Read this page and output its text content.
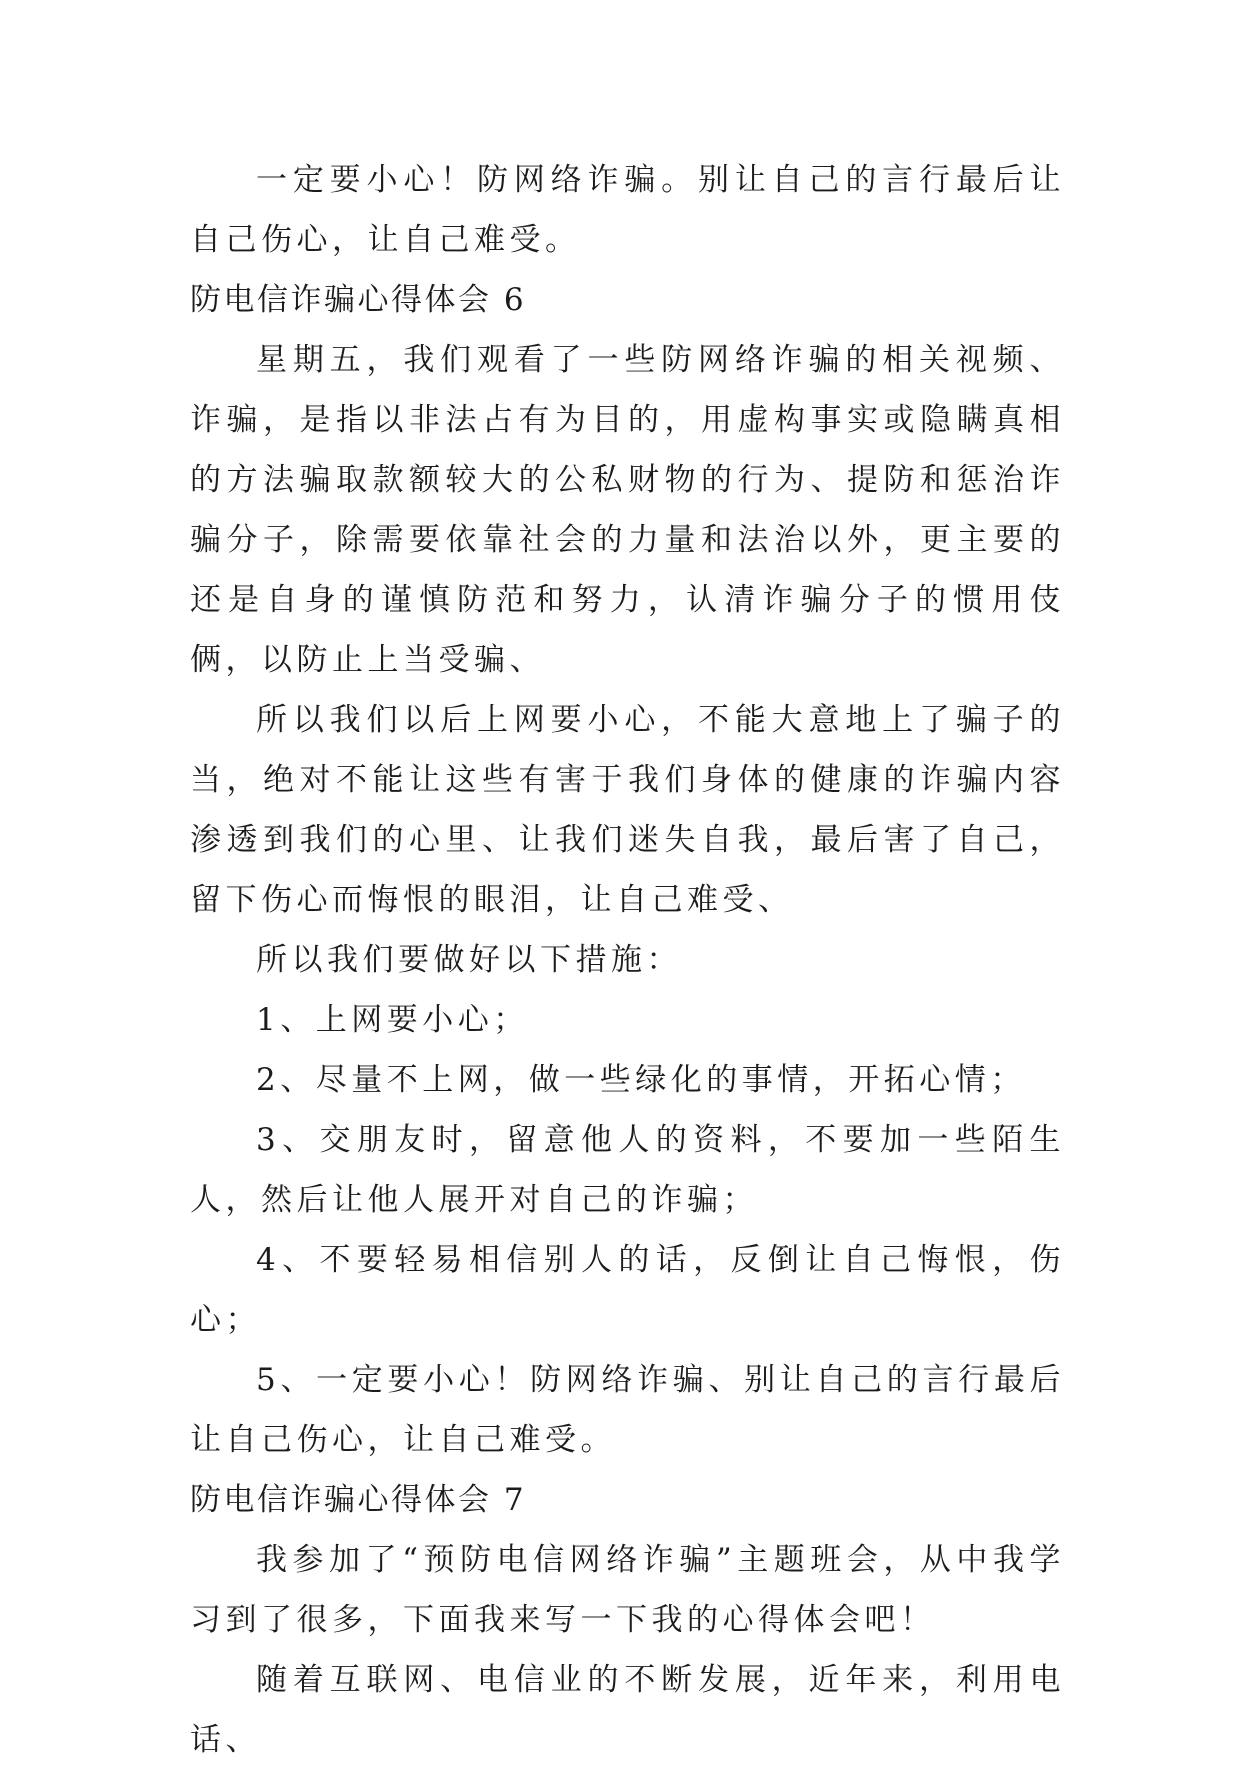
一定要小心！防网络诈骗。别让自己的言行最后让自己伤心，让自己难受。

防电信诈骗心得体会 6

星期五，我们观看了一些防网络诈骗的相关视频、诈骗，是指以非法占有为目的，用虚构事实或隐瞒真相的方法骗取款额较大的公私财物的行为、提防和惩治诈骗分子，除需要依靠社会的力量和法治以外，更主要的还是自身的谨慎防范和努力，认清诈骗分子的惯用伎俩，以防止上当受骗、

所以我们以后上网要小心，不能大意地上了骗子的当，绝对不能让这些有害于我们身体的健康的诈骗内容渗透到我们的心里、让我们迷失自我，最后害了自己，留下伤心而悔恨的眼泪，让自己难受、

所以我们要做好以下措施：

1、上网要小心；

2、尽量不上网，做一些绿化的事情，开拓心情；

3、交朋友时，留意他人的资料，不要加一些陌生人，然后让他人展开对自己的诈骗；

4、不要轻易相信别人的话，反倒让自己悔恨，伤心；

5、一定要小心！防网络诈骗、别让自己的言行最后让自己伤心，让自己难受。

防电信诈骗心得体会 7

我参加了“预防电信网络诈骗”主题班会，从中我学习到了很多，下面我来写一下我的心得体会吧！

随着互联网、电信业的不断发展，近年来，利用电话、
